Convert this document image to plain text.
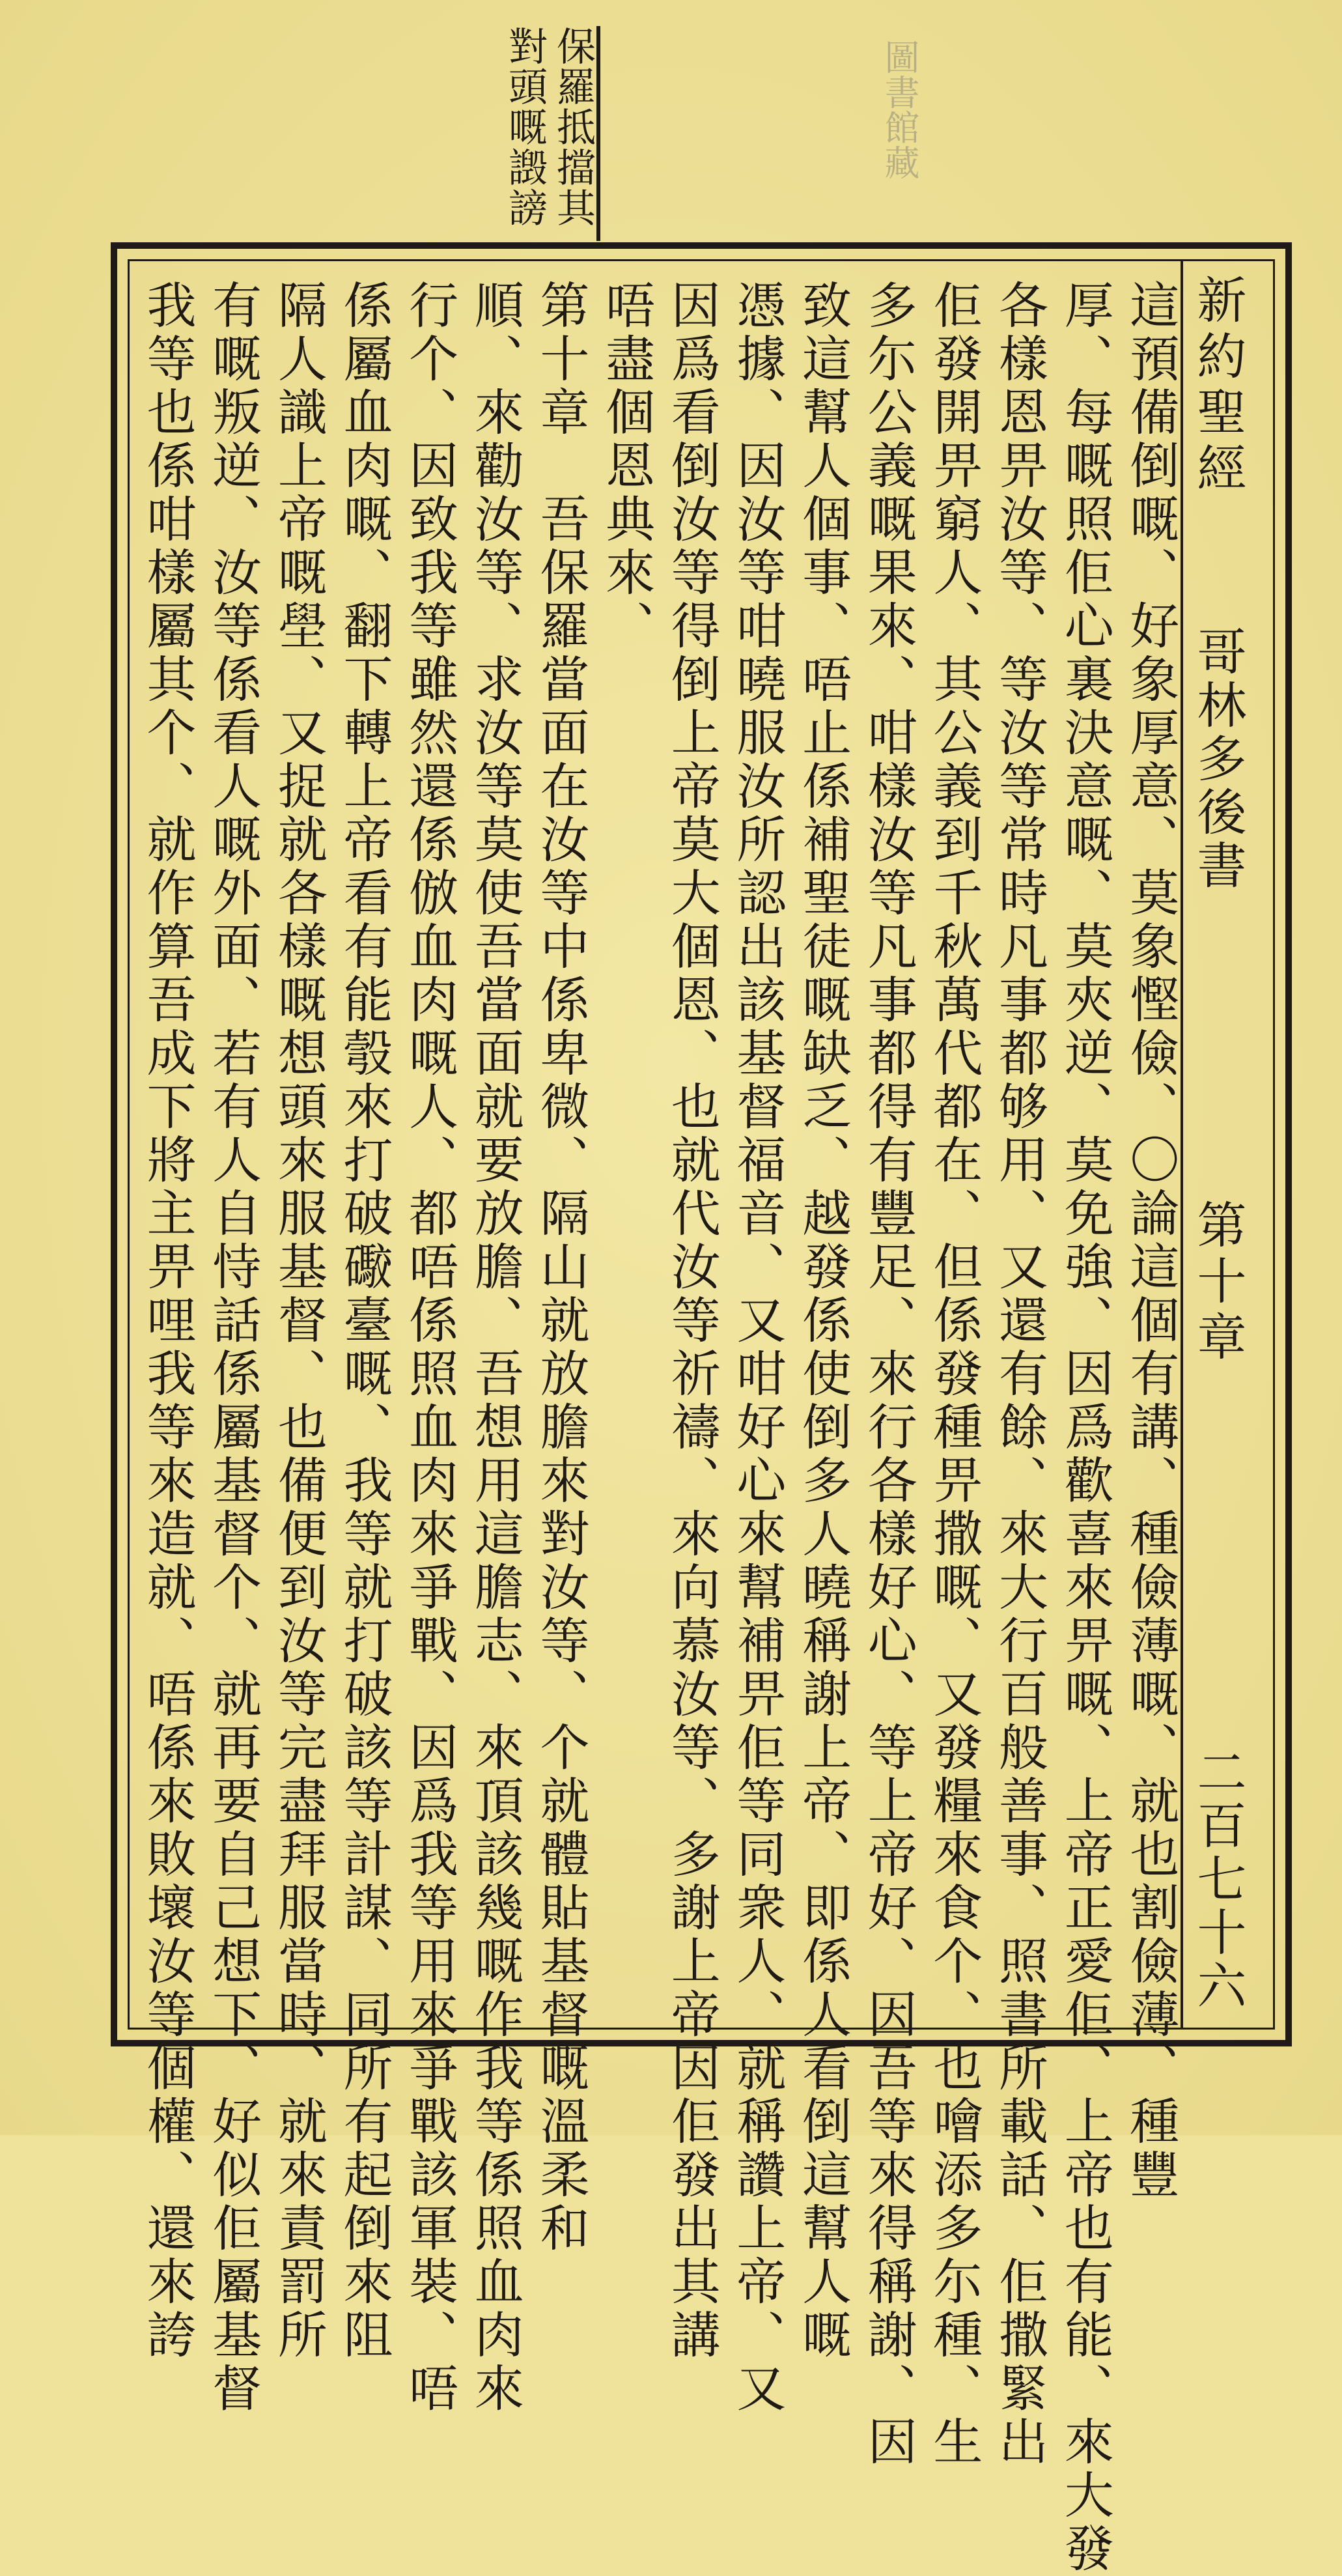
保羅抵擋其
對頭嘅譭謗	圖書館藏
新約聖經
哥林多後書
第十章
二百七十六
這預備倒嘅、好象厚意、莫象慳儉、〇論這個有講、種儉薄嘅、就也割儉薄、種豐
厚、每嘅照佢心裏決意嘅、莫夾逆、莫免強、因爲歡喜來畀嘅、上帝正愛佢、上帝也有能、來大發
各樣恩畀汝等、等汝等常時凡事都够用、又還有餘、來大行百般善事、照書所載話、佢撒緊出
佢發開畀窮人、其公義到千秋萬代都在、但係發種畀撒嘅、又發糧來食个、也噲添多尓種、生
多尓公義嘅果來、咁樣汝等凡事都得有豐足、來行各樣好心、等上帝好、因吾等來得稱謝、因
致這幫人個事、唔止係補聖徒嘅缺乏、越發係使倒多人曉稱謝上帝、即係人看倒這幫人嘅
憑據、因汝等咁曉服汝所認出該基督福音、又咁好心來幫補畀佢等同衆人、就稱讚上帝、又
因爲看倒汝等得倒上帝莫大個恩、也就代汝等祈禱、來向慕汝等、多謝上帝因佢發出其講
唔盡個恩典來、
第十章　吾保羅當面在汝等中係卑微、隔山就放膽來對汝等、个就體貼基督嘅溫柔和
順、來勸汝等、求汝等莫使吾當面就要放膽、吾想用這膽志、來頂該幾嘅作我等係照血肉來
行个、因致我等雖然還係倣血肉嘅人、都唔係照血肉來爭戰、因爲我等用來爭戰該軍裝、唔
係屬血肉嘅、翻下轉上帝看有能彀來打破礮臺嘅、我等就打破該等計謀、同所有起倒來阻
隔人識上帝嘅壆、又捉就各樣嘅想頭來服基督、也備便到汝等完盡拜服當時、就來責罰所
有嘅叛逆、汝等係看人嘅外面、若有人自恃話係屬基督个、就再要自己想下、好似佢屬基督
我等也係咁樣屬其个、就作算吾成下將主畀哩我等來造就、唔係來敗壞汝等個權、還來誇
